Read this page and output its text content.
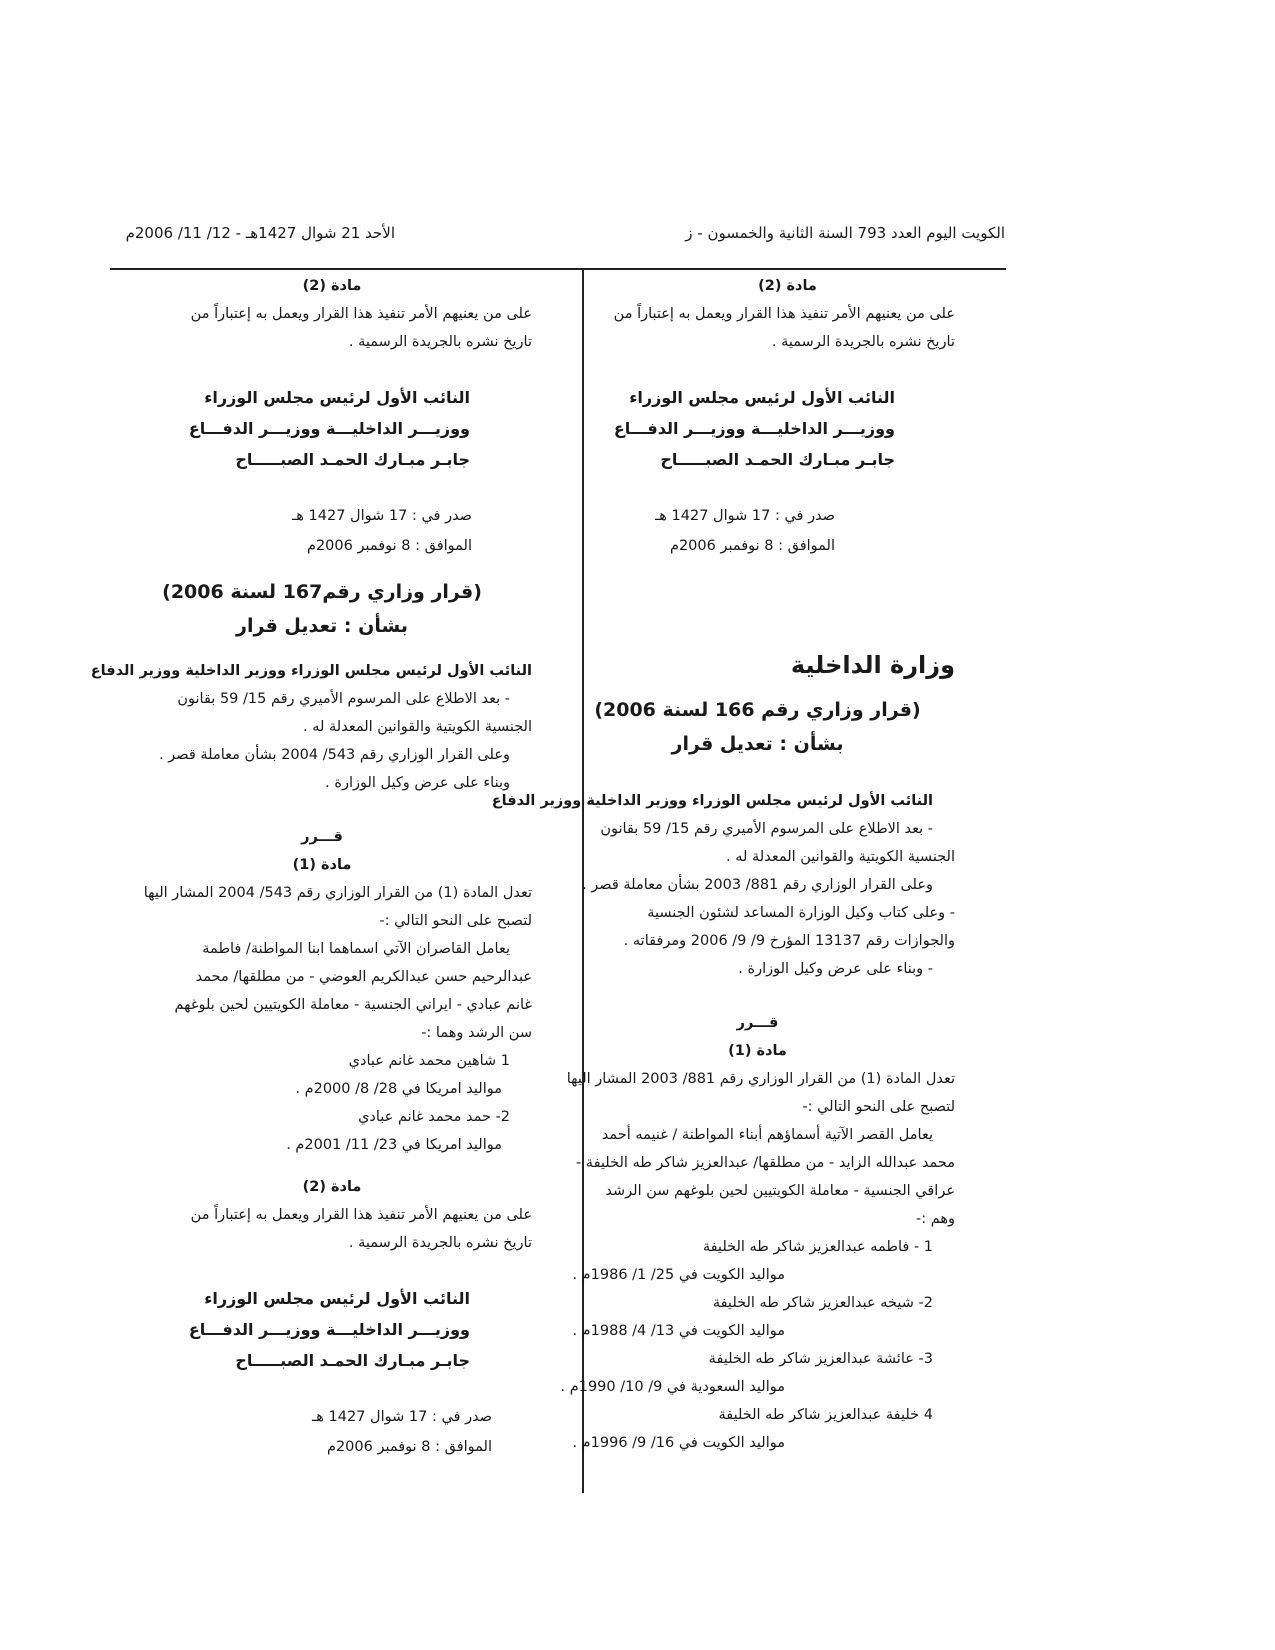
الكويت اليوم العدد 793 السنة الثانية والخمسون - ز
الأحد 21 شوال 1427هـ - 12/ 11/ 2006م
مادة (2)
على من يعنيهم الأمر تنفيذ هذا القرار ويعمل به إعتباراً من
تاريخ نشره بالجريدة الرسمية .
النائب الأول لرئيس مجلس الوزراء
ووزيـــر الداخليـــة ووزيـــر الدفـــاع
جابـر مبـارك الحمـد الصبـــــاح
صدر في : 17 شوال 1427 هـ
الموافق : 8 نوفمبر 2006م
وزارة الداخلية
(قرار وزاري رقم 166 لسنة 2006)
بشأن : تعديل قرار
النائب الأول لرئيس مجلس الوزراء ووزير الداخلية ووزير الدفاع
- بعد الاطلاع على المرسوم الأميري رقم 15/ 59 بقانون
الجنسية الكويتية والقوانين المعدلة له .
وعلى القرار الوزاري رقم 881/ 2003 بشأن معاملة قصر .
- وعلى كتاب وكيل الوزارة المساعد لشئون الجنسية
والجوازات رقم 13137 المؤرخ 9/ 9/ 2006 ومرفقاته .
- وبناء على عرض وكيل الوزارة .
قـــرر
مادة (1)
تعدل المادة (1) من القرار الوزاري رقم 881/ 2003 المشار اليها
لتصبح على النحو التالي :-
يعامل القصر الآتية أسماؤهم أبناء المواطنة / غنيمه أحمد
محمد عبدالله الزايد - من مطلقها/ عبدالعزيز شاكر طه الخليفة -
عراقي الجنسية - معاملة الكويتيين لحين بلوغهم سن الرشد
وهم :-
1 - فاطمه عبدالعزيز شاكر طه الخليفة
مواليد الكويت في 25/ 1/ 1986م .
2- شيخه عبدالعزيز شاكر طه الخليفة
مواليد الكويت في 13/ 4/ 1988م .
3- عائشة عبدالعزيز شاكر طه الخليفة
مواليد السعودية في 9/ 10/ 1990م .
4 خليفة عبدالعزيز شاكر طه الخليفة
مواليد الكويت في 16/ 9/ 1996م .
مادة (2)
على من يعنيهم الأمر تنفيذ هذا القرار ويعمل به إعتباراً من
تاريخ نشره بالجريدة الرسمية .
النائب الأول لرئيس مجلس الوزراء
ووزيـــر الداخليـــة ووزيـــر الدفـــاع
جابـر مبـارك الحمـد الصبـــــاح
صدر في : 17 شوال 1427 هـ
الموافق : 8 نوفمبر 2006م
(قرار وزاري رقم167 لسنة 2006)
بشأن : تعديل قرار
النائب الأول لرئيس مجلس الوزراء ووزير الداخلية ووزير الدفاع
- بعد الاطلاع على المرسوم الأميري رقم 15/ 59 بقانون
الجنسية الكويتية والقوانين المعدلة له .
وعلى القرار الوزاري رقم 543/ 2004 بشأن معاملة قصر .
وبناء على عرض وكيل الوزارة .
قـــرر
مادة (1)
تعدل المادة (1) من القرار الوزاري رقم 543/ 2004 المشار اليها
لتصبح على النحو التالي :-
يعامل القاصران الآتي اسماهما ابنا المواطنة/ فاطمة
عبدالرحيم حسن عبدالكريم العوضي - من مطلقها/ محمد
غانم عبادي - ايراني الجنسية - معاملة الكويتيين لحين بلوغهم
سن الرشد وهما :-
1 شاهين محمد غانم عبادي
مواليد امريكا في 28/ 8/ 2000م .
2- حمد محمد غانم عبادي
مواليد امريكا في 23/ 11/ 2001م .
مادة (2)
على من يعنيهم الأمر تنفيذ هذا القرار ويعمل به إعتباراً من
تاريخ نشره بالجريدة الرسمية .
النائب الأول لرئيس مجلس الوزراء
ووزيـــر الداخليـــة ووزيـــر الدفـــاع
جابـر مبـارك الحمـد الصبـــــاح
صدر في : 17 شوال 1427 هـ
الموافق : 8 نوفمبر 2006م
